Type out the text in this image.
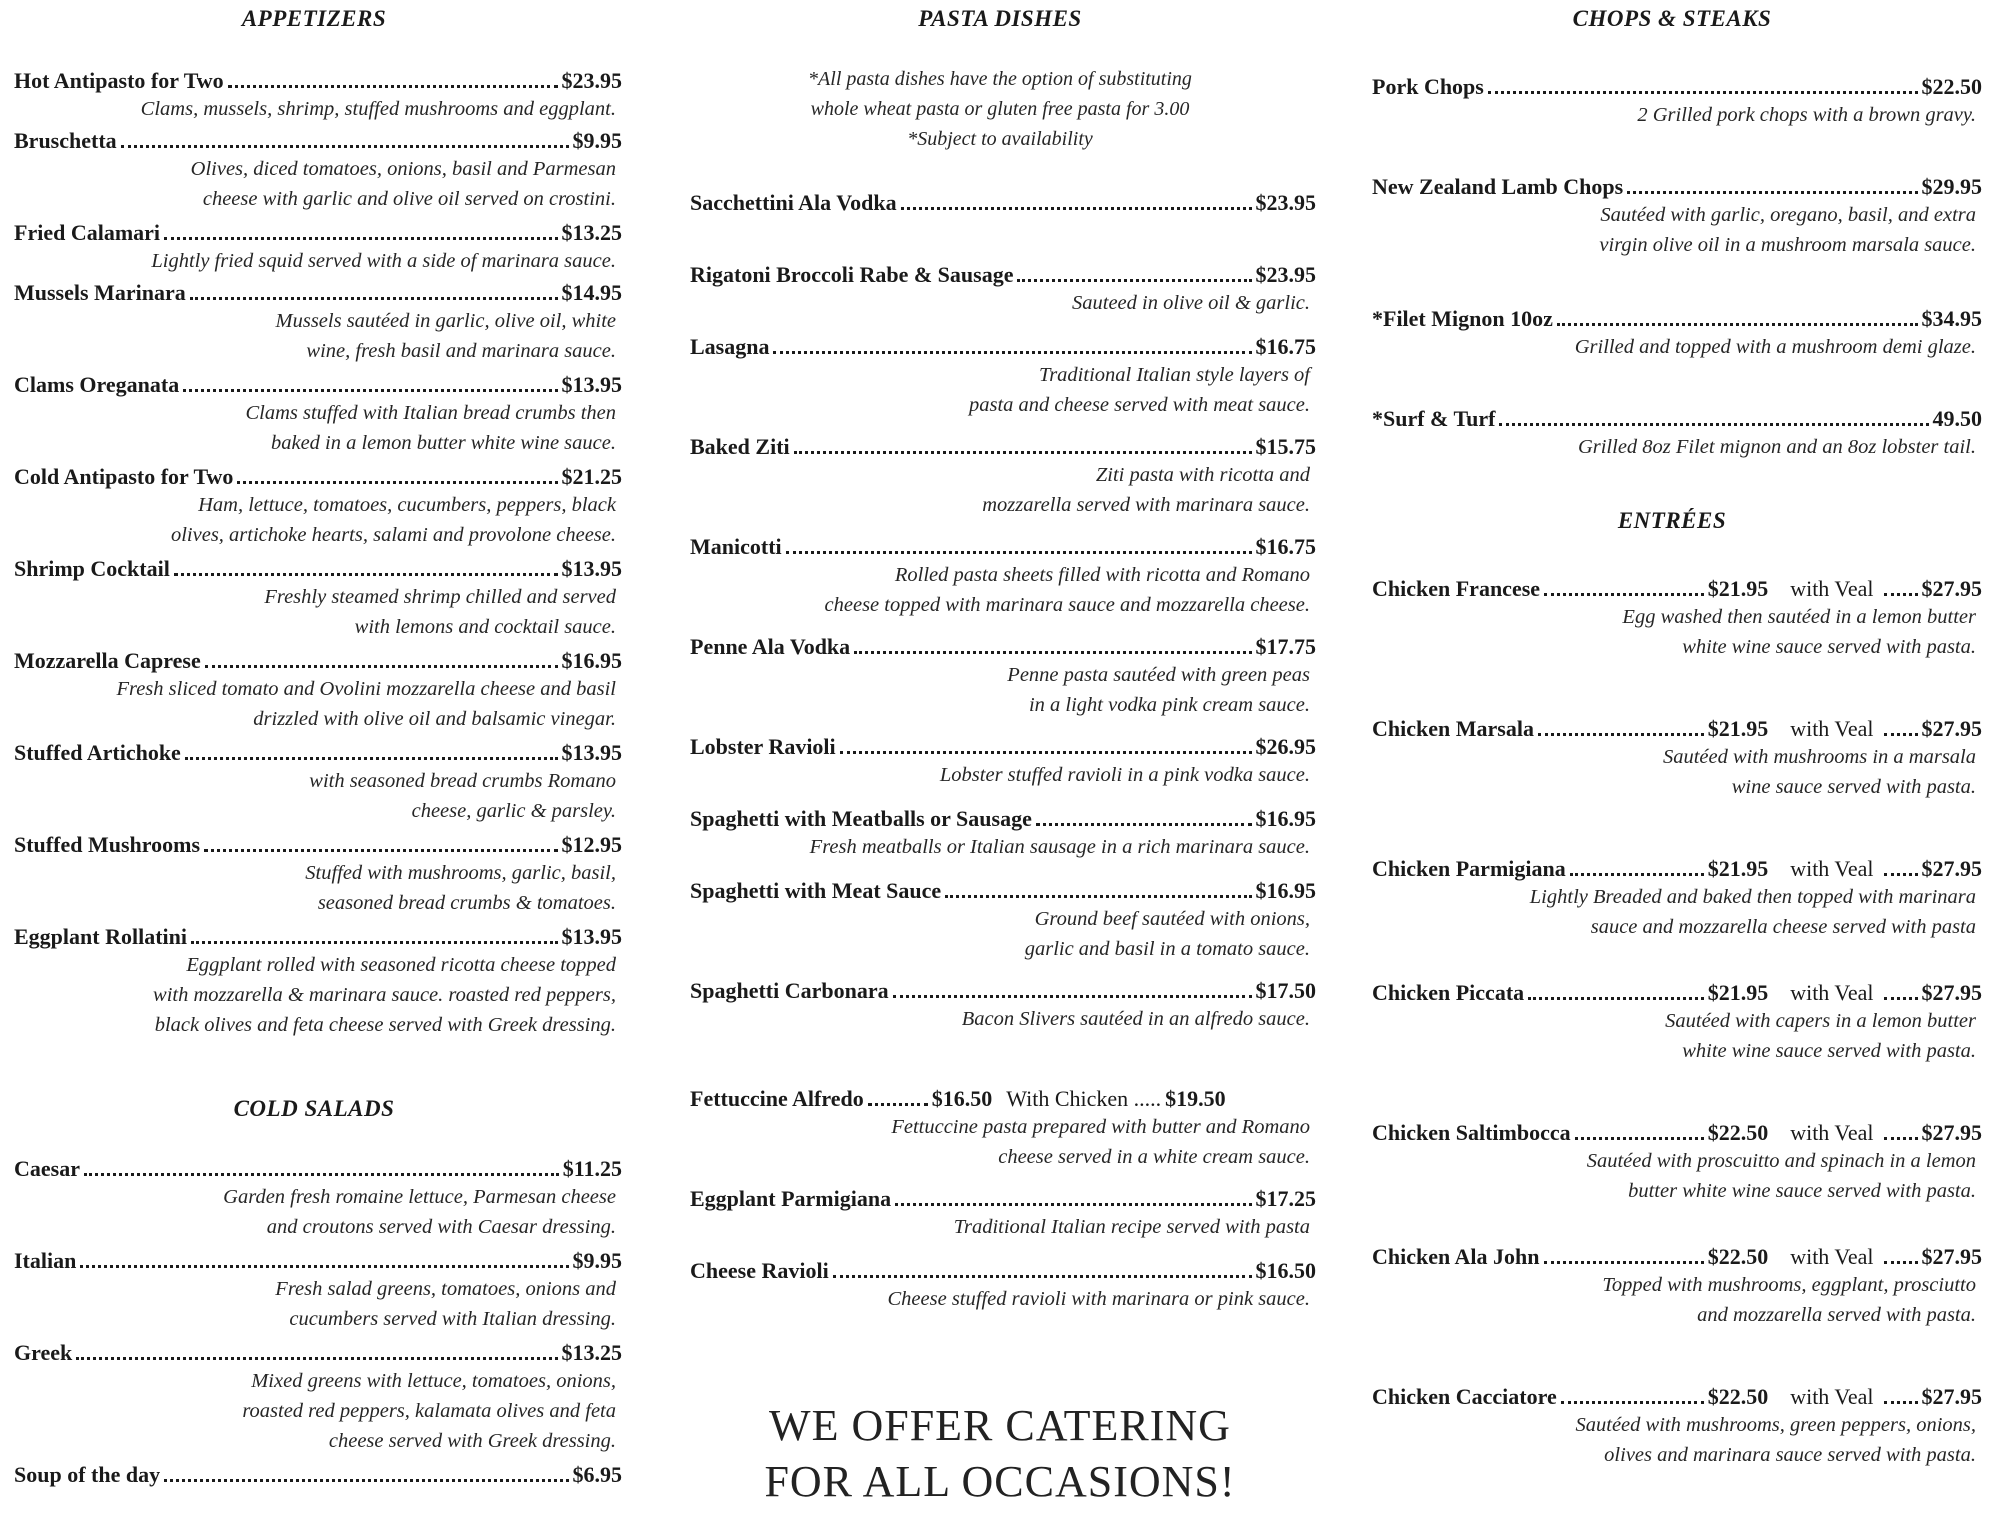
APPETIZERS
Hot Antipasto for Two	$23.95
Clams, mussels, shrimp, stuffed mushrooms and eggplant.
Bruschetta	$9.95
Olives, diced tomatoes, onions, basil and Parmesan
cheese with garlic and olive oil served on crostini.
Fried Calamari	$13.25
Lightly fried squid served with a side of marinara sauce.
Mussels Marinara	$14.95
Mussels sautéed in garlic, olive oil, white
wine, fresh basil and marinara sauce.
Clams Oreganata	$13.95
Clams stuffed with Italian bread crumbs then
baked in a lemon butter white wine sauce.
Cold Antipasto for Two	$21.25
Ham, lettuce, tomatoes, cucumbers, peppers, black
olives, artichoke hearts, salami and provolone cheese.
Shrimp Cocktail	$13.95
Freshly steamed shrimp chilled and served
with lemons and cocktail sauce.
Mozzarella Caprese	$16.95
Fresh sliced tomato and Ovolini mozzarella cheese and basil
drizzled with olive oil and balsamic vinegar.
Stuffed Artichoke	$13.95
with seasoned bread crumbs Romano
cheese, garlic & parsley.
Stuffed Mushrooms	$12.95
Stuffed with mushrooms, garlic, basil,
seasoned bread crumbs & tomatoes.
Eggplant Rollatini	$13.95
Eggplant rolled with seasoned ricotta cheese topped
with mozzarella & marinara sauce. roasted red peppers,
black olives and feta cheese served with Greek dressing.
COLD SALADS
Caesar	$11.25
Garden fresh romaine lettuce, Parmesan cheese
and croutons served with Caesar dressing.
Italian	$9.95
Fresh salad greens, tomatoes, onions and
cucumbers served with Italian dressing.
Greek	$13.25
Mixed greens with lettuce, tomatoes, onions,
roasted red peppers, kalamata olives and feta
cheese served with Greek dressing.
Soup of the day	$6.95
PASTA DISHES
*All pasta dishes have the option of substituting
whole wheat pasta or gluten free pasta for 3.00
*Subject to availability
Sacchettini Ala Vodka	$23.95
Rigatoni Broccoli Rabe & Sausage	$23.95
Sauteed in olive oil & garlic.
Lasagna	$16.75
Traditional Italian style layers of
pasta and cheese served with meat sauce.
Baked Ziti	$15.75
Ziti pasta with ricotta and
mozzarella served with marinara sauce.
Manicotti	$16.75
Rolled pasta sheets filled with ricotta and Romano
cheese topped with marinara sauce and mozzarella cheese.
Penne Ala Vodka	$17.75
Penne pasta sautéed with green peas
in a light vodka pink cream sauce.
Lobster Ravioli	$26.95
Lobster stuffed ravioli in a pink vodka sauce.
Spaghetti with Meatballs or Sausage	$16.95
Fresh meatballs or Italian sausage in a rich marinara sauce.
Spaghetti with Meat Sauce	$16.95
Ground beef sautéed with onions,
garlic and basil in a tomato sauce.
Spaghetti Carbonara	$17.50
Bacon Slivers sautéed in an alfredo sauce.
Fettuccine Alfredo	$16.50 With Chicken ..... $19.50
Fettuccine pasta prepared with butter and Romano
cheese served in a white cream sauce.
Eggplant Parmigiana	$17.25
Traditional Italian recipe served with pasta
Cheese Ravioli	$16.50
Cheese stuffed ravioli with marinara or pink sauce.
WE OFFER CATERING
FOR ALL OCCASIONS!
CHOPS & STEAKS
Pork Chops	$22.50
2 Grilled pork chops with a brown gravy.
New Zealand Lamb Chops	$29.95
Sautéed with garlic, oregano, basil, and extra
virgin olive oil in a mushroom marsala sauce.
*Filet Mignon 10oz	$34.95
Grilled and topped with a mushroom demi glaze.
*Surf & Turf	49.50
Grilled 8oz Filet mignon and an 8oz lobster tail.
ENTRÉES
Chicken Francese	$21.95 with Veal $27.95
Egg washed then sautéed in a lemon butter
white wine sauce served with pasta.
Chicken Marsala	$21.95 with Veal $27.95
Sautéed with mushrooms in a marsala
wine sauce served with pasta.
Chicken Parmigiana	$21.95 with Veal $27.95
Lightly Breaded and baked then topped with marinara
sauce and mozzarella cheese served with pasta
Chicken Piccata	$21.95 with Veal $27.95
Sautéed with capers in a lemon butter
white wine sauce served with pasta.
Chicken Saltimbocca	$22.50 with Veal $27.95
Sautéed with proscuitto and spinach in a lemon
butter white wine sauce served with pasta.
Chicken Ala John	$22.50 with Veal $27.95
Topped with mushrooms, eggplant, prosciutto
and mozzarella served with pasta.
Chicken Cacciatore	$22.50 with Veal $27.95
Sautéed with mushrooms, green peppers, onions,
olives and marinara sauce served with pasta.
